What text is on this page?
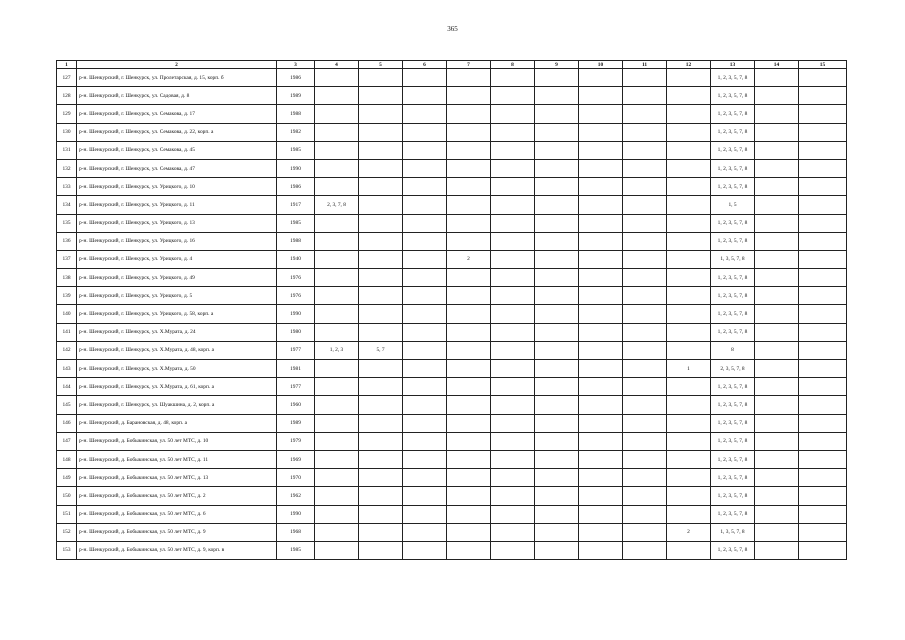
365
1	2	3	4	5	6	7	8	9	10	11	12	13	14	15
127	р-н. Шенкурский, г. Шенкурск, ул. Пролетарская, д. 15, корп. б	1986										1, 2, 3, 5, 7, 8		
128	р-н. Шенкурский, г. Шенкурск, ул. Садовая, д. 8	1989										1, 2, 3, 5, 7, 8		
129	р-н. Шенкурский, г. Шенкурск, ул. Семакова, д. 17	1988										1, 2, 3, 5, 7, 8		
130	р-н. Шенкурский, г. Шенкурск, ул. Семакова, д. 22, корп. а	1982										1, 2, 3, 5, 7, 8		
131	р-н. Шенкурский, г. Шенкурск, ул. Семакова, д. 45	1985										1, 2, 3, 5, 7, 8		
132	р-н. Шенкурский, г. Шенкурск, ул. Семакова, д. 47	1990										1, 2, 3, 5, 7, 8		
133	р-н. Шенкурский, г. Шенкурск, ул. Урицкого, д. 10	1986										1, 2, 3, 5, 7, 8		
134	р-н. Шенкурский, г. Шенкурск, ул. Урицкого, д. 11	1917	2, 3, 7, 8									1, 5		
135	р-н. Шенкурский, г. Шенкурск, ул. Урицкого, д. 13	1985										1, 2, 3, 5, 7, 8		
136	р-н. Шенкурский, г. Шенкурск, ул. Урицкого, д. 16	1988										1, 2, 3, 5, 7, 8		
137	р-н. Шенкурский, г. Шенкурск, ул. Урицкого, д. 4	1940				2						1, 3, 5, 7, 8		
138	р-н. Шенкурский, г. Шенкурск, ул. Урицкого, д. 49	1976										1, 2, 3, 5, 7, 8		
139	р-н. Шенкурский, г. Шенкурск, ул. Урицкого, д. 5	1976										1, 2, 3, 5, 7, 8		
140	р-н. Шенкурский, г. Шенкурск, ул. Урицкого, д. 58, корп. а	1990										1, 2, 3, 5, 7, 8		
141	р-н. Шенкурский, г. Шенкурск, ул. Х.Мурата, д. 24	1980										1, 2, 3, 5, 7, 8		
142	р-н. Шенкурский, г. Шенкурск, ул. Х.Мурата, д. 48, корп. а	1977	1, 2, 3	5, 7								8		
143	р-н. Шенкурский, г. Шенкурск, ул. Х.Мурата, д. 50	1981									1	2, 3, 5, 7, 8		
144	р-н. Шенкурский, г. Шенкурск, ул. Х.Мурата, д. 61, корп. а	1977										1, 2, 3, 5, 7, 8		
145	р-н. Шенкурский, г. Шенкурск, ул. Шуакшина, д. 2, корп. а	1960										1, 2, 3, 5, 7, 8		
146	р-н. Шенкурский, д. Барановская, д. 48, корп. а	1989										1, 2, 3, 5, 7, 8		
147	р-н. Шенкурский, д. Бобыкинская, ул. 50 лет МТС, д. 10	1979										1, 2, 3, 5, 7, 8		
148	р-н. Шенкурский, д. Бобыкинская, ул. 50 лет МТС, д. 11	1969										1, 2, 3, 5, 7, 8		
149	р-н. Шенкурский, д. Бобыкинская, ул. 50 лет МТС, д. 13	1970										1, 2, 3, 5, 7, 8		
150	р-н. Шенкурский, д. Бобыкинская, ул. 50 лет МТС, д. 2	1962										1, 2, 3, 5, 7, 8		
151	р-н. Шенкурский, д. Бобыкинская, ул. 50 лет МТС, д. 6	1990										1, 2, 3, 5, 7, 8		
152	р-н. Шенкурский, д. Бобыкинская, ул. 50 лет МТС, д. 9	1968									2	1, 3, 5, 7, 8		
153	р-н. Шенкурский, д. Бобыкинская, ул. 50 лет МТС, д. 9, корп. в	1985										1, 2, 3, 5, 7, 8		
